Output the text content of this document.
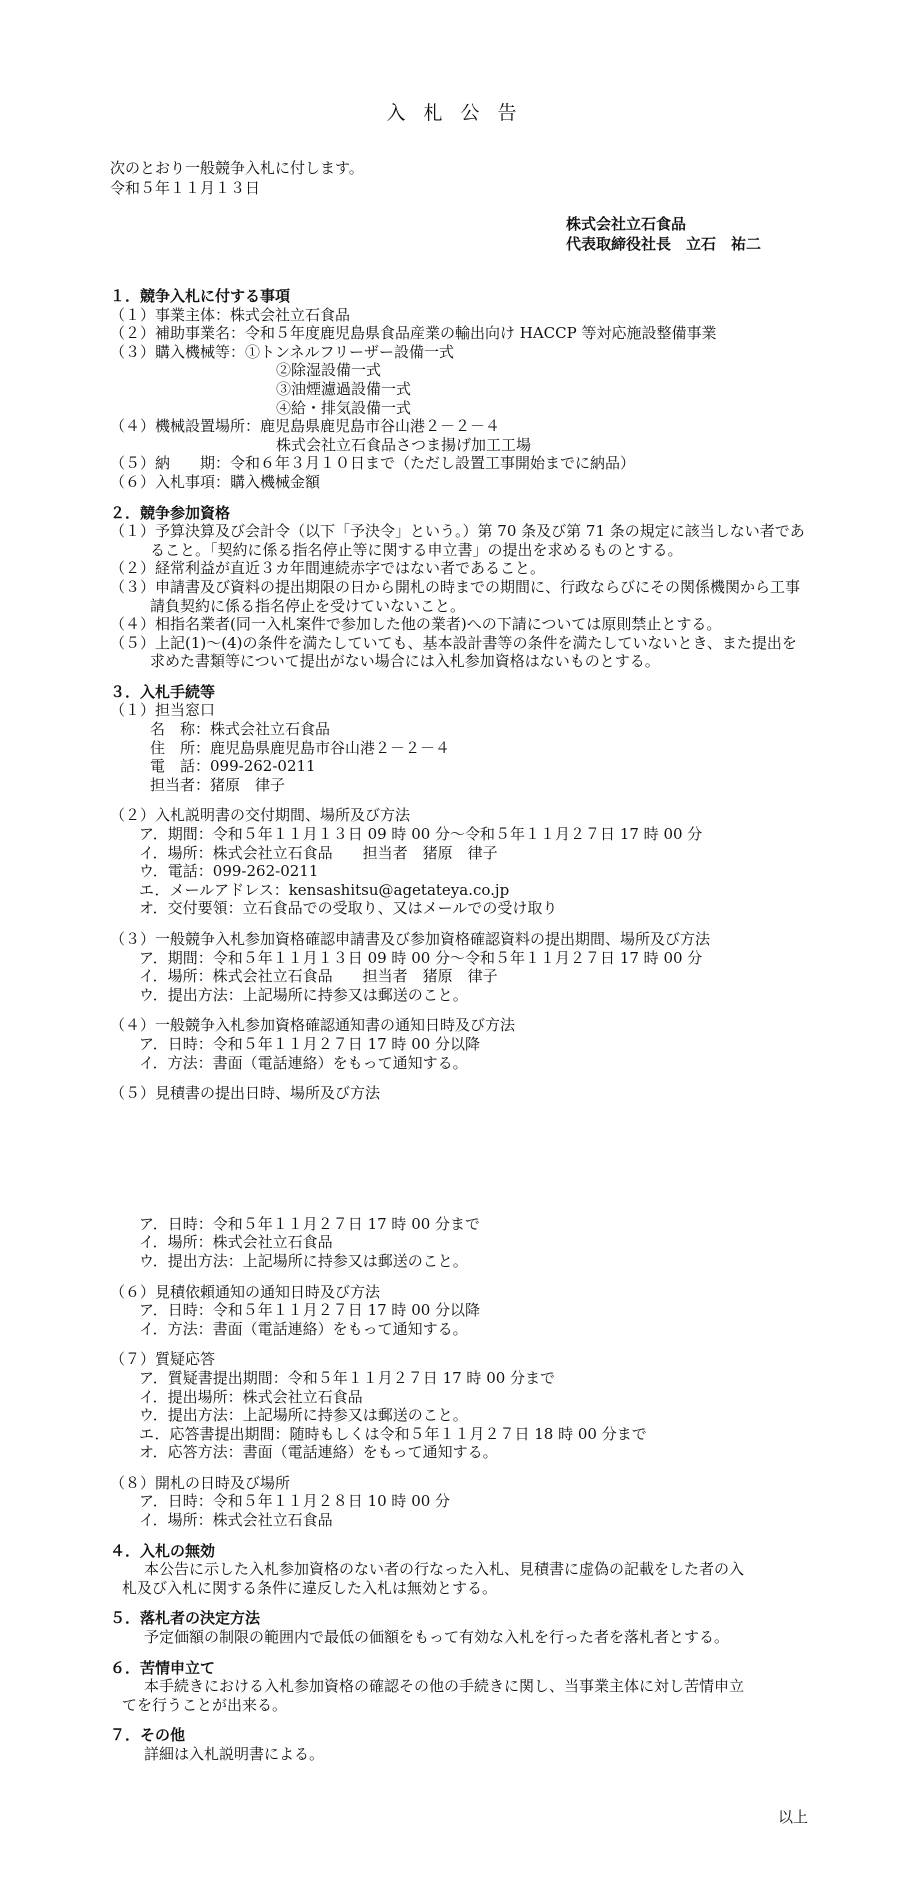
入 札 公 告
次のとおり一般競争入札に付します。
令和５年１１月１３日
株式会社立石食品
代表取締役社長　立石　祐二
１．競争入札に付する事項
（１）事業主体：株式会社立石食品
（２）補助事業名：令和５年度鹿児島県食品産業の輸出向け HACCP 等対応施設整備事業
（３）購入機械等：①トンネルフリーザー設備一式
②除湿設備一式
③油煙濾過設備一式
④給・排気設備一式
（４）機械設置場所：鹿児島県鹿児島市谷山港２－２－４
株式会社立石食品さつま揚げ加工工場
（５）納　　期：令和６年３月１０日まで（ただし設置工事開始までに納品）
（６）入札事項：購入機械金額
２．競争参加資格
（１）予算決算及び会計令（以下「予決令」という。）第 70 条及び第 71 条の規定に該当しない者であること。「契約に係る指名停止等に関する申立書」の提出を求めるものとする。
（２）経常利益が直近３カ年間連続赤字ではない者であること。
（３）申請書及び資料の提出期限の日から開札の時までの期間に、行政ならびにその関係機関から工事請負契約に係る指名停止を受けていないこと。
（４）相指名業者(同一入札案件で参加した他の業者)への下請については原則禁止とする。
（５）上記(1)～(4)の条件を満たしていても、基本設計書等の条件を満たしていないとき、また提出を求めた書類等について提出がない場合には入札参加資格はないものとする。
３．入札手続等
（１）担当窓口
名　称：株式会社立石食品
住　所：鹿児島県鹿児島市谷山港２－２－４
電　話：099-262-0211
担当者：猪原　律子
（２）入札説明書の交付期間、場所及び方法
ア．期間：令和５年１１月１３日 09 時 00 分～令和５年１１月２７日 17 時 00 分
イ．場所：株式会社立石食品　　担当者　猪原　律子
ウ．電話：099-262-0211
エ．メールアドレス：kensashitsu@agetateya.co.jp
オ．交付要領：立石食品での受取り、又はメールでの受け取り
（３）一般競争入札参加資格確認申請書及び参加資格確認資料の提出期間、場所及び方法
ア．期間：令和５年１１月１３日 09 時 00 分～令和５年１１月２７日 17 時 00 分
イ．場所：株式会社立石食品　　担当者　猪原　律子
ウ．提出方法：上記場所に持参又は郵送のこと。
（４）一般競争入札参加資格確認通知書の通知日時及び方法
ア．日時：令和５年１１月２７日 17 時 00 分以降
イ．方法：書面（電話連絡）をもって通知する。
（５）見積書の提出日時、場所及び方法
ア．日時：令和５年１１月２７日 17 時 00 分まで
イ．場所：株式会社立石食品
ウ．提出方法：上記場所に持参又は郵送のこと。
（６）見積依頼通知の通知日時及び方法
ア．日時：令和５年１１月２７日 17 時 00 分以降
イ．方法：書面（電話連絡）をもって通知する。
（７）質疑応答
ア．質疑書提出期間：令和５年１１月２７日 17 時 00 分まで
イ．提出場所：株式会社立石食品
ウ．提出方法：上記場所に持参又は郵送のこと。
エ．応答書提出期間：随時もしくは令和５年１１月２７日 18 時 00 分まで
オ．応答方法：書面（電話連絡）をもって通知する。
（８）開札の日時及び場所
ア．日時：令和５年１１月２８日 10 時 00 分
イ．場所：株式会社立石食品
４．入札の無効
本公告に示した入札参加資格のない者の行なった入札、見積書に虚偽の記載をした者の入
札及び入札に関する条件に違反した入札は無効とする。
５．落札者の決定方法
予定価額の制限の範囲内で最低の価額をもって有効な入札を行った者を落札者とする。
６．苦情申立て
本手続きにおける入札参加資格の確認その他の手続きに関し、当事業主体に対し苦情申立
てを行うことが出来る。
７．その他
詳細は入札説明書による。
以上
